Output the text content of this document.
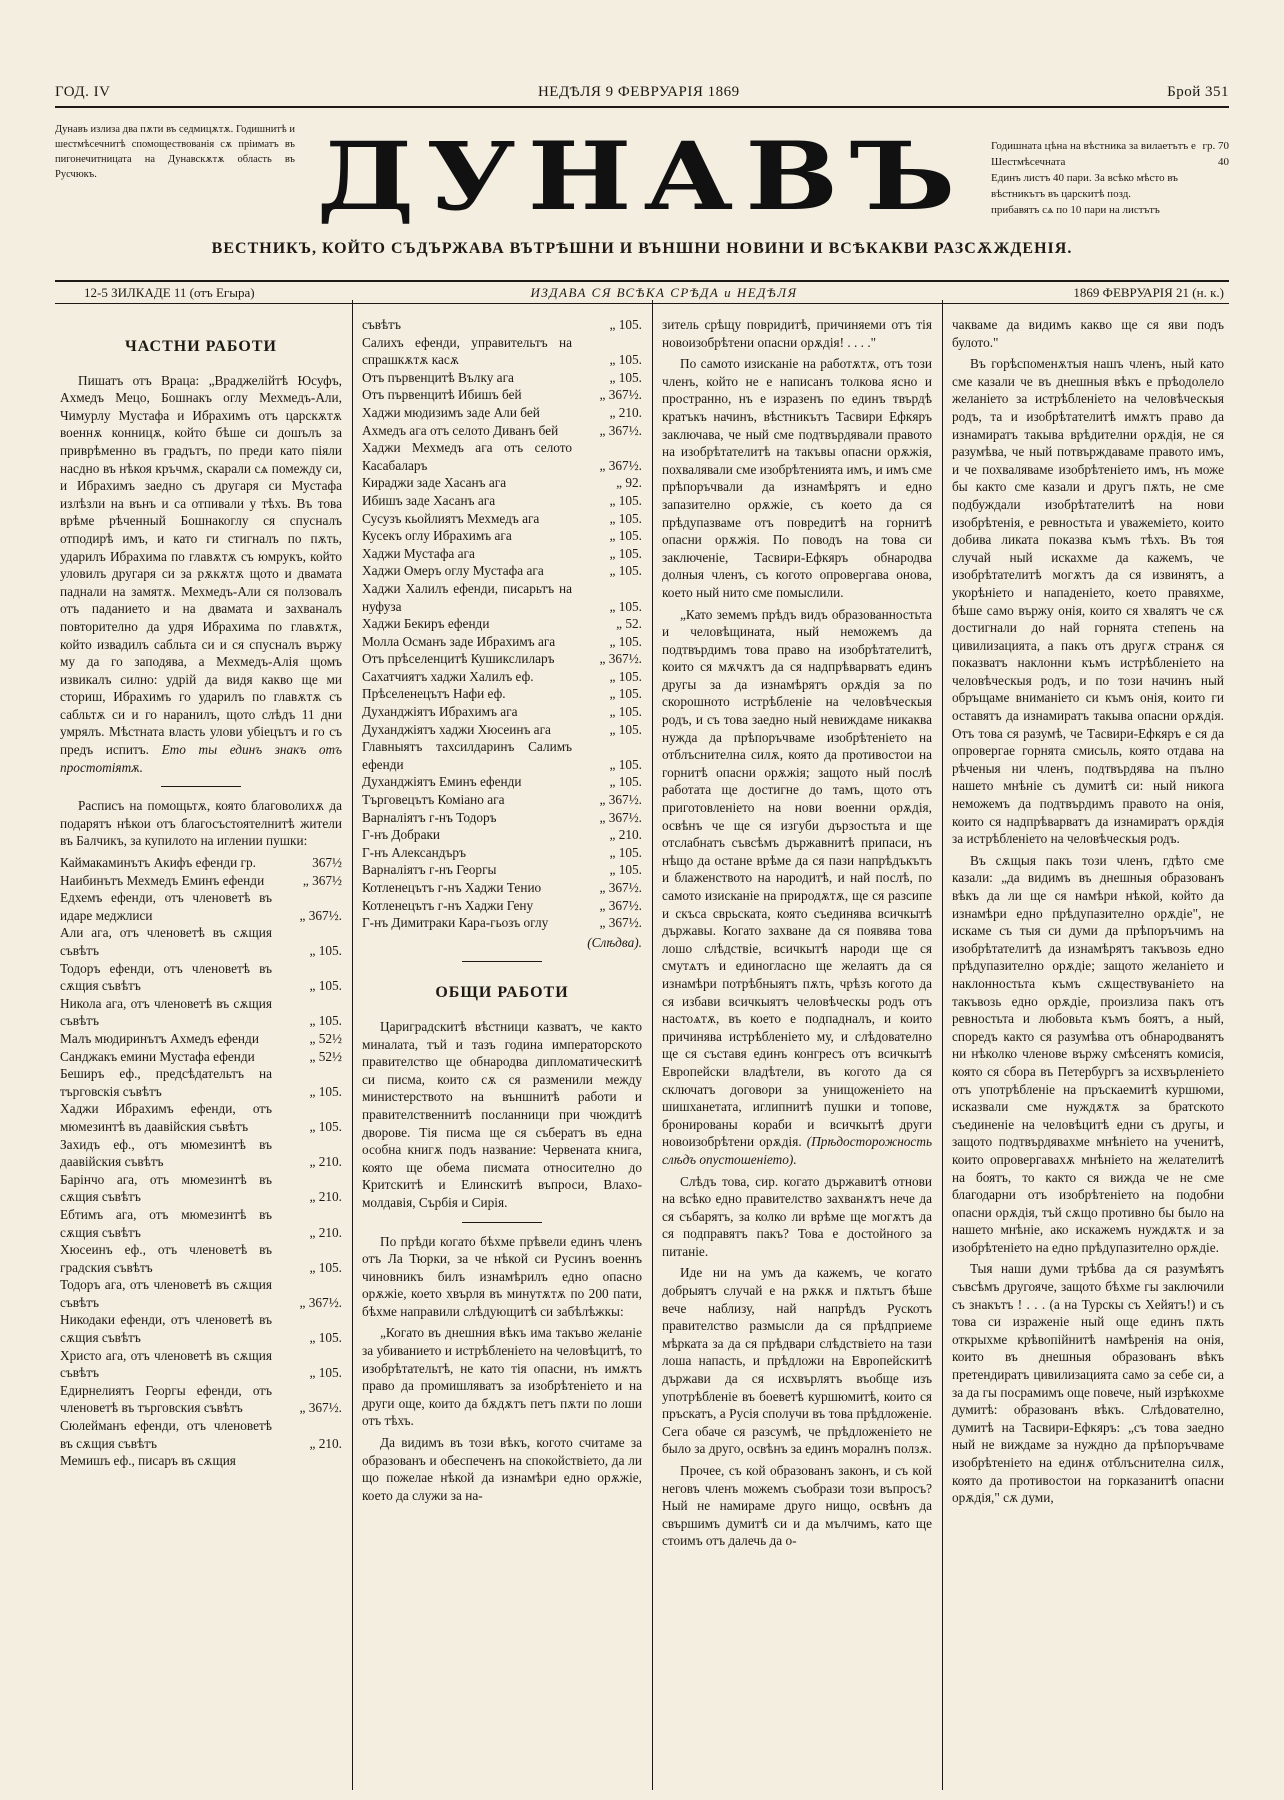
ГОД. IV	НЕДѢЛЯ 9 ФЕВРУАРІЯ 1869	Брой 351
Дунавъ излиза два пѫти въ седмицѫтѫ. Годишнитѣ и шестмѣсечнитѣ спомоществованія сѫ пріиматъ въ пигонечитницата на Дунавскѫтѫ область въ Русчюкъ.	ДУНАВЪ	Годишната цѣна на вѣстника за вилаетътъ е гр. 70
Шестмѣсечната	40
Единъ листъ 40 пари. За всѣко мѣсто въ вѣстникътъ въ царскитѣ позд.
прибавятъ сѧ по 10 пари на листътъ
ВЕСТНИКЪ, КОЙТО СЪДЪРЖАВА ВЪТРѢШНИ И ВЪНШНИ НОВИНИ И ВСѢКАКВИ РАЗСѪЖДЕНІЯ.
12-5 ЗИЛКАДЕ 11 (отъ Егыра)	ИЗДАВА СЯ ВСѢКА СРѢДА и НЕДѢЛЯ	1869 ФЕВРУАРІЯ 21 (н. к.)
ЧАСТНИ РАБОТИ

Пишатъ отъ Враца: „Враджелійтѣ Юсуфъ, Ахмедъ Мецо, Бошнакъ оглу Мехмедъ-Али, Чимурлу Мустафа и Ибрахимъ отъ царскѫтѫ военнѫ конницѫ, който бѣше си дошълъ за приврѣменно въ градътъ, по преди като піяли насдно въ нѣкоя кръчмѫ, скарали сѧ помежду си, и Ибрахимъ заедно съ другаря си Мустафа излѣзли на вънъ и са отпивали у тѣхъ. Въ това врѣме рѣченный Бошнакоглу ся спусналъ отподирѣ имъ, и като ги стигналъ по пѫть, ударилъ Ибрахима по главѫтѫ съ юмрукъ, който уловилъ другаря си за рѫкѫтѫ щото и двамата паднали на замятѫ. Мехмедъ-Али ся ползовалъ отъ паданието и на двамата и захваналъ повторително да удря Ибрахима по главѫтѫ, който извадилъ сабльта си и ся спусналъ вържу му да го заподява, а Мехмедъ-Алія щомъ извикалъ силно: удрій да видя какво ще ми сториш, Ибрахимъ го ударилъ по главѫтѫ съ сабльтѫ си и го наранилъ, щото слѣдъ 11 дни умрялъ. Мѣстната власть улови убіецътъ и го съ предъ испитъ. Ето ты единъ знакъ отъ простотіятѫ.

Расписъ на помощьтѫ, която благоволихѫ да подарятъ нѣкои отъ благосъстоятелнитѣ жители въ Балчикъ, за купилото на иглении пушки:

Каймакаминътъ Акифъ ефенди гр.	367½
Наибинътъ Мехмедъ Еминъ ефенди	„ 367½
Едхемъ ефенди, отъ членоветѣ въ идаре меджлиси	„ 367½.
Али ага, отъ членоветѣ въ сѫщия съвѣтъ	„ 105.
Тодоръ ефенди, отъ членоветѣ въ сѫщия съвѣтъ	„ 105.
Никола ага, отъ членоветѣ въ сѫщия съвѣтъ	„ 105.
Малъ мюдиринътъ Ахмедъ ефенди	„ 52½
Санджакъ емини Мустафа ефенди	„ 52½
Беширъ еф., предсѣдательтъ на търговскія съвѣтъ	„ 105.
Хаджи Ибрахимъ ефенди, отъ мюмезинтѣ въ даавійския съвѣтъ	„ 105.
Захидъ еф., отъ мюмезинтѣ въ даавійския съвѣтъ	„ 210.
Барінчо ага, отъ мюмезинтѣ въ сѫщия съвѣтъ	„ 210.
Ебтимъ ага, отъ мюмезинтѣ въ сѫщия съвѣтъ	„ 210.
Хюсеинъ еф., отъ членоветѣ въ градския съвѣтъ	„ 105.
Тодоръ ага, отъ членоветѣ въ сѫщия съвѣтъ	„ 367½.
Никодаки ефенди, отъ членоветѣ въ сѫщия съвѣтъ	„ 105.
Христо ага, отъ членоветѣ въ сѫщия съвѣтъ	„ 105.
Едирнелиятъ Георгы ефенди, отъ членоветѣ въ търговския съвѣтъ	„ 367½.
Сюлейманъ ефенди, отъ членоветѣ въ сѫщия съвѣтъ	„ 210.
Мемишъ еф., писаръ въ сѫщия
съвѣтъ	„ 105.
Салихъ ефенди, управительтъ на спрашкѫтѫ касѫ	„ 105.
Отъ първенцитѣ Вълку ага	„ 105.
Отъ първенцитѣ Ибишъ бей	„ 367½.
Хаджи мюдизимъ заде Али бей	„ 210.
Ахмедъ ага отъ селото Диванъ бей	„ 367½.
Хаджи Мехмедъ ага отъ селото Касабаларъ	„ 367½.
Кираджи заде Хасанъ ага	„ 92.
Ибишъ заде Хасанъ ага	„ 105.
Сусузъ кьойлиятъ Мехмедъ ага	„ 105.
Кусекъ оглу Ибрахимъ ага	„ 105.
Хаджи Мустафа ага	„ 105.
Хаджи Омеръ оглу Мустафа ага	„ 105.
Хаджи Халилъ ефенди, писарьтъ на нуфуза	„ 105.
Хаджи Бекиръ ефенди	„ 52.
Молла Османъ заде Ибрахимъ ага	„ 105.
Отъ прѣселенцитѣ Кушикслиларъ	„ 367½.
Сахатчиятъ хаджи Халилъ еф.	„ 105.
Прѣселенецътъ Нафи еф.	„ 105.
Духанджіятъ Ибрахимъ ага	„ 105.
Духанджіятъ хаджи Хюсеинъ ага	„ 105.
Главныятъ тахсилдаринъ Салимъ ефенди	„ 105.
Духанджіятъ Еминъ ефенди	„ 105.
Търговецътъ Коміано ага	„ 367½.
Варналіятъ г-нъ Тодоръ	„ 367½.
Г-нъ Добраки	„ 210.
Г-нъ Александъръ	„ 105.
Варналіятъ г-нъ Георгы	„ 105.
Котленецътъ г-нъ Хаджи Тенио	„ 367½.
Котленецътъ г-нъ Хаджи Гену	„ 367½.
Г-нъ Димитраки Кара-гьозъ оглу	„ 367½.
(Слѣдва).
ОБЩИ РАБОТИ

Цариградскитѣ вѣстници казватъ, че както миналата, тъй и тазъ година императорското правителство ще обнародва дипломатическитѣ си писма, които сѫ ся разменили между министерството на външнитѣ работи и правителственнитѣ посланници при чюждитѣ дворове. Тія писма ще ся събератъ въ една особна книгѫ подъ название: Червената книга, която ще обема писмата относително до Критскитѣ и Елинскитѣ въпроси, Влахо-молдавія, Сърбія и Сирія.

По прѣди когато бѣхме прѣвели единъ членъ отъ Ла Тюрки, за че нѣкой си Русинъ военнъ чиновникъ билъ изнамѣрилъ едно опасно орѫжіе, което хвърля въ минутѫтѫ по 200 пати, бѣхме направили слѣдующитѣ си забѣлѣжкы:

„Когато въ днешния вѣкъ има такъво желаніе за убиванието и истрѣбленіето на человѣцитѣ, то изобрѣтательтѣ, не като тія опасни, нъ имѫтъ право да промишляватъ за изобрѣтеніето и на други още, които да бѫдѫтъ петъ пѫти по лоши отъ тѣхъ.

Да видимъ въ този вѣкъ, когото считаме за образованъ и обеспеченъ на спокойствіето, да ли що пожелае нѣкой да изнамѣри едно орѫжіе, което да служи за на-

зитель срѣщу повридитѣ, причиняеми отъ тія новоизобрѣтени опасни орѫдія! . . . ."

По самото изисканіе на работѫтѫ, отъ този членъ, който не е написанъ толкова ясно и пространно, нъ е изразенъ по единъ твърдѣ кратъкъ начинъ, вѣстникътъ Тасвири Ефкяръ заключава, че ный сме подтвърдявали правото на изобрѣтателитѣ на такъвы опасни орѫжія, похвалявали сме изобрѣтенията имъ, и имъ сме прѣпоръчвали да изнамѣрятъ и едно запазително орѫжіе, съ което да ся прѣдупазваме отъ повредитѣ на горнитѣ опасни орѫжія. По поводъ на това си заключеніе, Тасвири-Ефкяръ обнародва долныя членъ, съ когото опровергава онова, което ный нито сме помыслили.

„Като земемъ прѣдъ видъ образованностьта и человѣщината, ный неможемъ да подтвърдимъ това право на изобрѣтателитѣ, които ся мѫчѫтъ да ся надпрѣварватъ единъ другы за да изнамѣрятъ орѫдія за по скорошното истрѣбленіе на человѣческыя родъ, и съ това заедно ный невиждаме никаква нужда да прѣпоръчваме изобрѣтеніето на отблъснителна силѫ, която да противостои на горнитѣ опасни орѫжія; защото ный послѣ работата ще достигне до тамъ, щото отъ приготовленіето на нови военни орѫдія, освѣнъ че ще ся изгуби дързостьта и ще отслабнатъ съвсѣмъ държавнитѣ припаси, нъ нѣщо да остане врѣме да ся пази напрѣдъкътъ и блаженството на народитѣ, и най послѣ, по самото изисканіе на природѫтѫ, ще ся разсипе и скъса сврьската, която съединява всичкытѣ държавы. Когато захване да ся появява това лошо слѣдствіе, всичкытѣ народи ще ся смутѧтъ и единогласно ще желаятъ да ся изнамѣри потрѣбныятъ пѫть, чрѣзъ когото да ся избави всичкыятъ человѣческы родъ отъ настоѧтѫ, въ което е подпадналъ, и които причинява истрѣбленіето му, и слѣдователно ще ся съставя единъ конгресъ отъ всичкытѣ Европейски владѣтели, въ когото да ся сключатъ договори за унищоженіето на шишханетата, иглипнитѣ пушки и топове, бронированы кораби и всичкытѣ други новоизобрѣтени орѫдія. (Прѣдосторожность слѣдъ опустошеніето).

Слѣдъ това, сир. когато държавитѣ отнови на всѣко едно правителство захванѫтъ нече да ся събарятъ, за колко ли врѣме ще могѫтъ да ся подправятъ пакъ? Това е достойного за питаніе.

Иде ни на умъ да кажемъ, че когато добрыятъ случай е на рѫкѫ и пѫтьтъ бѣше вече наблизу, най напрѣдъ Рускотъ правителство размысли да ся прѣдприеме мѣрката за да ся прѣдвари слѣдствіето на тази лоша напасть, и прѣдложи на Европейскитѣ държави да ся исхвърлятъ въобще изъ употрѣбленіе въ боеветѣ куршюмитѣ, които ся пръскатъ, а Русія сполучи въ това прѣдложеніе. Сега обаче ся разсумѣ, че прѣдложеніето не было за друго, освѣнъ за единъ моралнъ ползѫ.

Прочее, съ кой образованъ законъ, и съ кой неговъ членъ можемъ съобрази този въпросъ? Ный не намираме друго нищо, освѣнъ да свършимъ думитѣ си и да мълчимъ, като ще стоимъ отъ далечь да о-

чакваме да видимъ какво ще ся яви подъ булото."

Въ горѣспоменѫтыя нашъ членъ, ный като сме казали че въ днешныя вѣкъ е прѣодолело желаніето за истрѣбленіето на человѣческыя родъ, та и изобрѣтателитѣ имѫтъ право да изнамиратъ такывa врѣдителни орѫдія, не ся разумѣва, че ный потвърждаваме правото имъ, и че похваляваме изобрѣтеніето имъ, нъ може бы както сме казали и другъ пѫть, не сме подбуждали изобрѣтателитѣ на нови изобрѣтенія, е ревностьта и уважеміето, които добива ликата показва къмъ тѣхъ. Въ тоя случай ный искахме да кажемъ, че изобрѣтателитѣ могѫтъ да ся извинятъ, а укорѣніето и нападеніето, което правяхме, бѣше само вържу онія, които ся хвалятъ че сѫ достигнали до най горнята степень на цивилизацията, а пакъ отъ другѫ странѫ ся показватъ наклонни къмъ истрѣбленіето на человѣческыя родъ, и по този начинъ ный обръщаме вниманіето си къмъ онія, които ги оставятъ да изнамиратъ такывa опасни орѫдія. Отъ това ся разумѣ, че Тасвири-Ефкяръ е ся да опровергае горнята смисьль, която отдава на рѣченыя ни членъ, подтвърдява на пълно нашето мнѣніе съ думитѣ си: ный никога неможемъ да подтвърдимъ правото на онія, които ся надпрѣварватъ да изнамиратъ орѫдія за истрѣбленіето на человѣческыя родъ.

Въ сѫщыя пакъ този членъ, гдѣто сме казали: „да видимъ въ днешныя образованъ вѣкъ да ли ще ся намѣри нѣкой, който да изнамѣри едно прѣдупазително орѫдіе", не искаме съ тыя си думи да прѣпоръчимъ на изобрѣтателитѣ да изнамѣрятъ такъвозь едно прѣдупазително орѫдіе; защото желаніето и наклонностьта къмъ сѫществуваніето на такъвозь едно орѫдіе, произлиза пакъ отъ ревностьта и любовьта къмъ боятъ, а ный, споредъ както ся разумѣва отъ обнародванятъ ни нѣколко членове вържу смѣсенятъ комисія, която ся сбора въ Петербургъ за исхвърленіето отъ употрѣбленіе на пръскаемитѣ куршюми, исказвали сме нуждѫтѫ за братското съединеніе на человѣцитѣ едни съ другы, и защото подтвърдявахме мнѣніето на ученитѣ, които опровергавахѫ мнѣніето на желателитѣ на боятъ, то както ся вижда че не сме благодарни отъ изобрѣтеніето на подобни опасни орѫдія, тъй сѫщо противно бы было на нашето мнѣніе, ако искажемъ нуждѫтѫ и за изобрѣтеніето на едно прѣдупазително орѫдіе.

Тыя наши думи трѣбва да ся разумѣятъ съвсѣмъ другояче, защото бѣхме гы заключили съ знакътъ ! . . . (а на Турскы съ Хейятъ!) и съ това си израженіе ный още единъ пѫть открыхме крѣвопійнитѣ намѣренія на онія, които въ днешныя образованъ вѣкъ претендиратъ цивилизацията само за себе си, а за да гы посрамимъ още повече, ный изрѣкохме думитѣ: образованъ вѣкъ. Слѣдователно, думитѣ на Тасвири-Ефкяръ: „съ това заедно ный не виждаме за нуждно да прѣпоръчваме изобрѣтеніето на единѫ отблъснителна силѫ, която да противостои на горказанитѣ опасни орѫдія," сѫ думи,
